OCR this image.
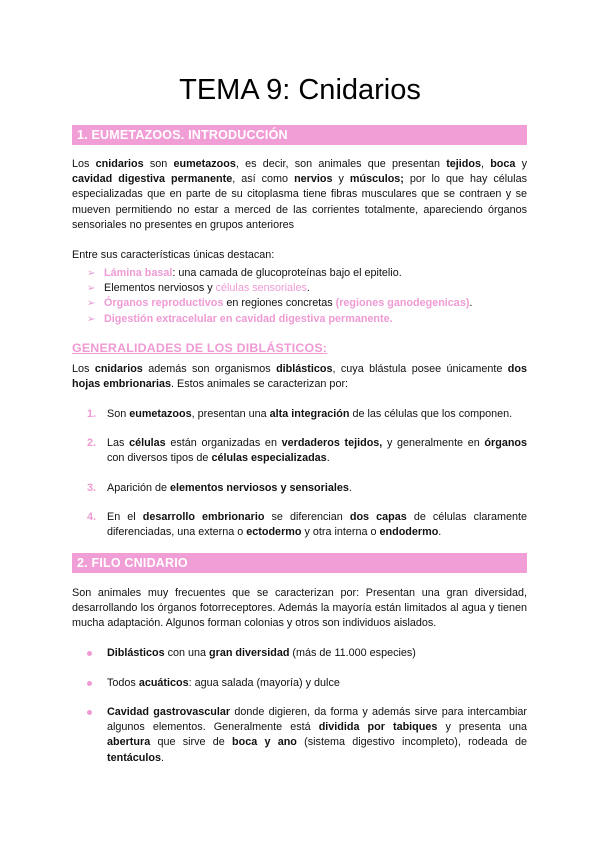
TEMA 9: Cnidarios
1. EUMETAZOOS. INTRODUCCIÓN

Los cnidarios son eumetazoos, es decir, son animales que presentan tejidos, boca y cavidad digestiva permanente, así como nervios y músculos; por lo que hay células especializadas que en parte de su citoplasma tiene fibras musculares que se contraen y se mueven permitiendo no estar a merced de las corrientes totalmente, apareciendo órganos sensoriales no presentes en grupos anteriores

Entre sus características únicas destacan:

➢ Lámina basal: una camada de glucoproteínas bajo el epitelio.
➢ Elementos nerviosos y células sensoriales.
➢ Órganos reproductivos en regiones concretas (regiones ganodegenicas).
➢ Digestión extracelular en cavidad digestiva permanente.
GENERALIDADES DE LOS DIBLÁSTICOS:

Los cnidarios además son organismos diblásticos, cuya blástula posee únicamente dos hojas embrionarias. Estos animales se caracterizan por:

1. Son eumetazoos, presentan una alta integración de las células que los componen.
2. Las células están organizadas en verdaderos tejidos, y generalmente en órganos con diversos tipos de células especializadas.
3. Aparición de elementos nerviosos y sensoriales.
4. En el desarrollo embrionario se diferencian dos capas de células claramente diferenciadas, una externa o ectodermo y otra interna o endodermo.
2. FILO CNIDARIO

Son animales muy frecuentes que se caracterizan por: Presentan una gran diversidad, desarrollando los órganos fotorreceptores. Además la mayoría están limitados al agua y tienen mucha adaptación. Algunos forman colonias y otros son individuos aislados.

Diblásticos con una gran diversidad (más de 11.000 especies)
Todos acuáticos: agua salada (mayoría) y dulce
Cavidad gastrovascular donde digieren, da forma y además sirve para intercambiar algunos elementos. Generalmente está dividida por tabiques y presenta una abertura que sirve de boca y ano (sistema digestivo incompleto), rodeada de tentáculos.
